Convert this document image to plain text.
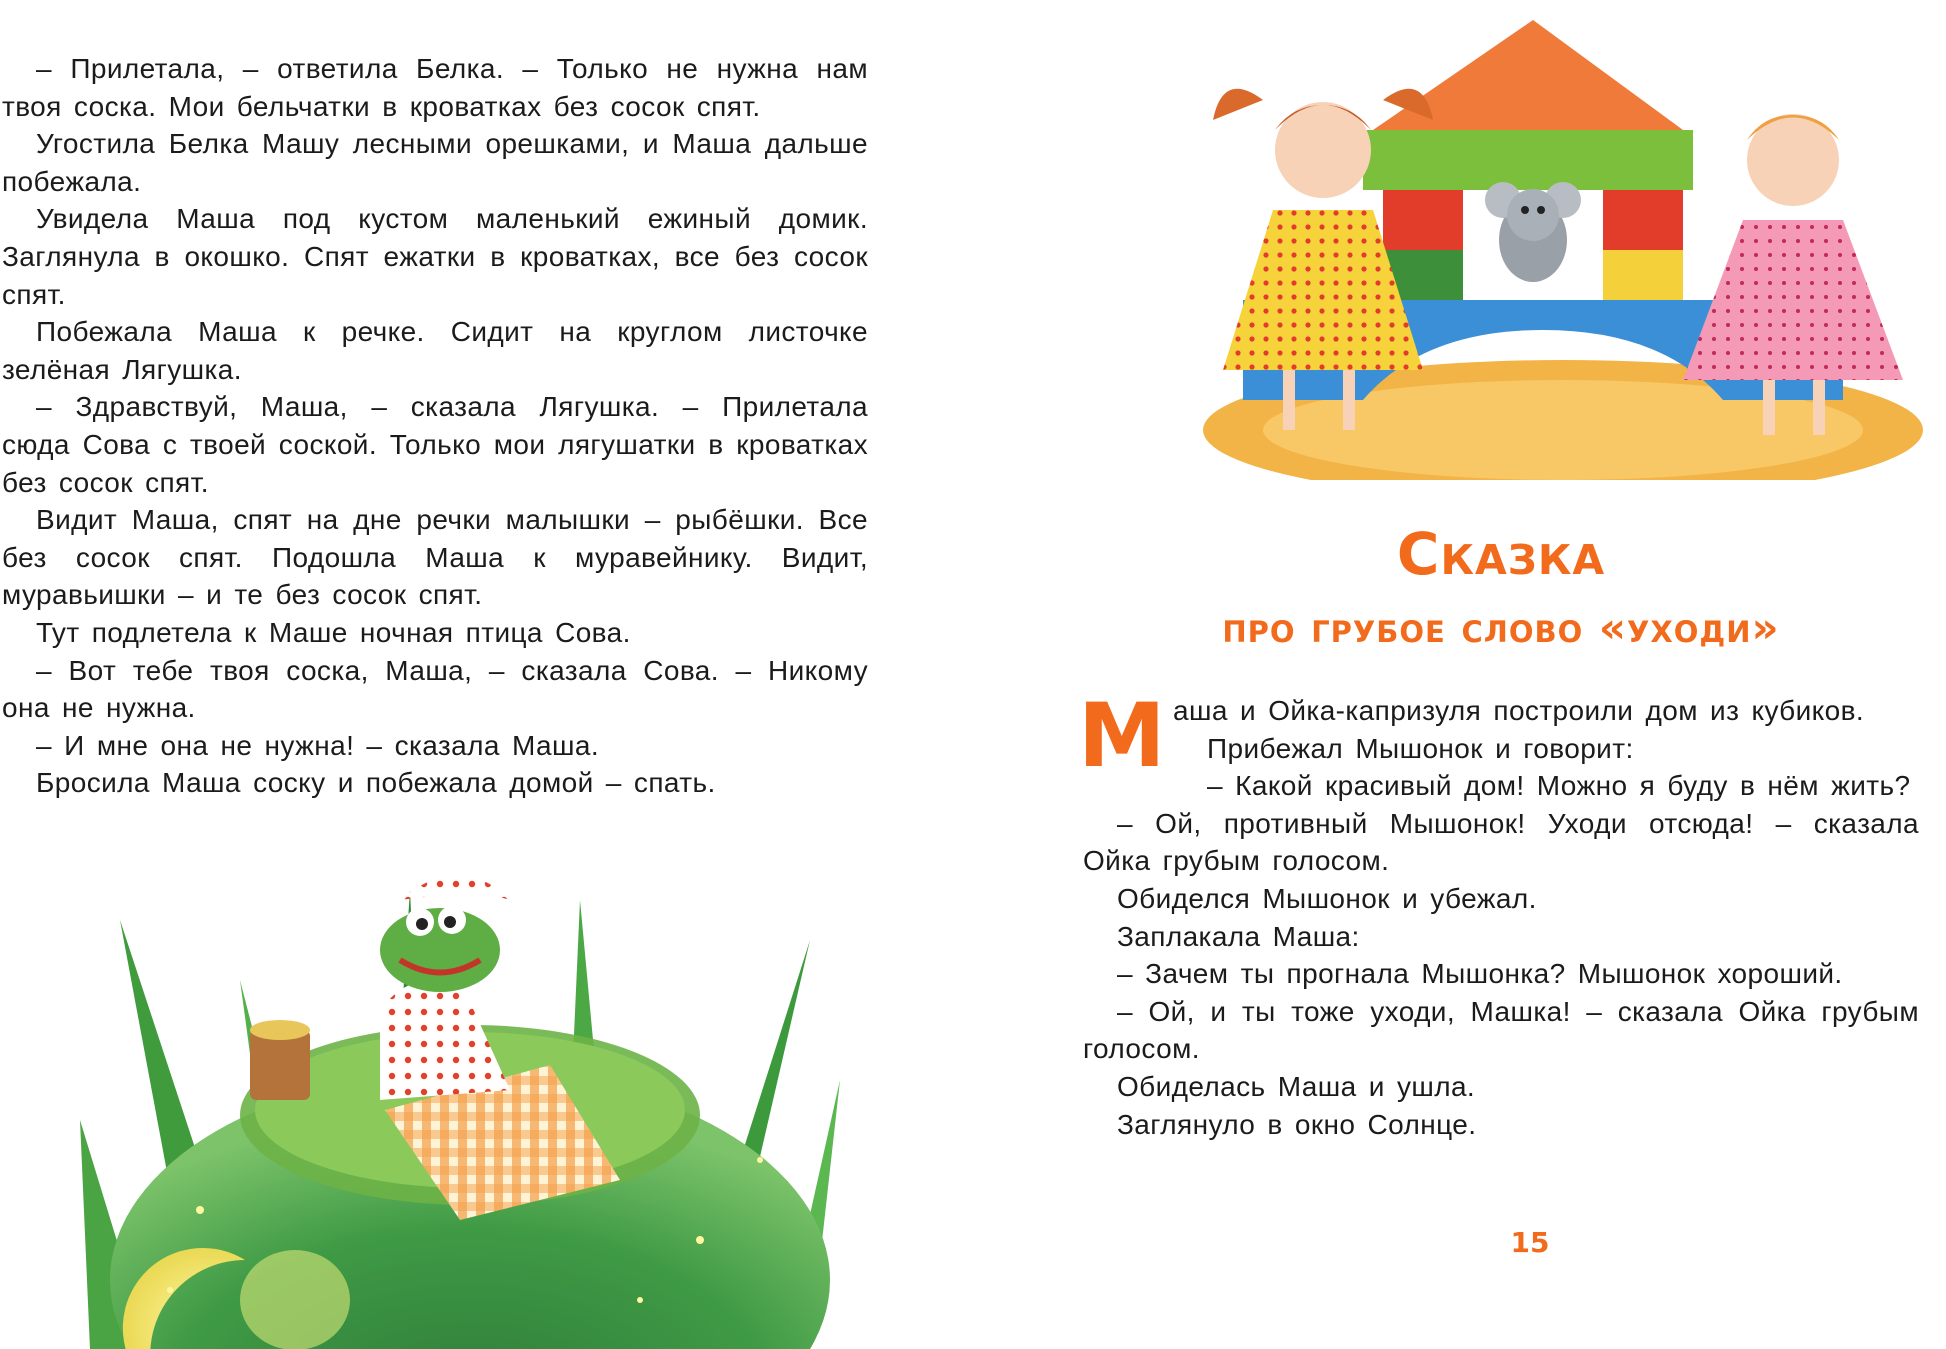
– Прилетала, – ответила Белка. – Только не нужна нам твоя соска. Мои бельчатки в кроватках без сосок спят.

Угостила Белка Машу лесными орешками, и Маша дальше побежала.

Увидела Маша под кустом маленький ежиный домик. Заглянула в окошко. Спят ежатки в кроватках, все без сосок спят.

Побежала Маша к речке. Сидит на круглом листочке зелёная Лягушка.

– Здравствуй, Маша, – сказала Лягушка. – Прилетала сюда Сова с твоей соской. Только мои лягушатки в кроватках без сосок спят.

Видит Маша, спят на дне речки малышки – рыбёшки. Все без сосок спят. Подошла Маша к муравейнику. Видит, муравьишки – и те без сосок спят.

Тут подлетела к Маше ночная птица Сова.

– Вот тебе твоя соска, Маша, – сказала Сова. – Никому она не нужна.

– И мне она не нужна! – сказала Маша.

Бросила Маша соску и побежала домой – спать.

Сказка
про грубое слово «уходи»

Маша и Ойка-капризуля построили дом из кубиков.

Прибежал Мышонок и говорит:

– Какой красивый дом! Можно я буду в нём жить?

– Ой, противный Мышонок! Уходи отсюда! – сказала Ойка грубым голосом.

Обиделся Мышонок и убежал.

Заплакала Маша:

– Зачем ты прогнала Мышонка? Мышонок хороший.

– Ой, и ты тоже уходи, Машка! – сказала Ойка грубым голосом.

Обиделась Маша и ушла.

Заглянуло в окно Солнце.

15
